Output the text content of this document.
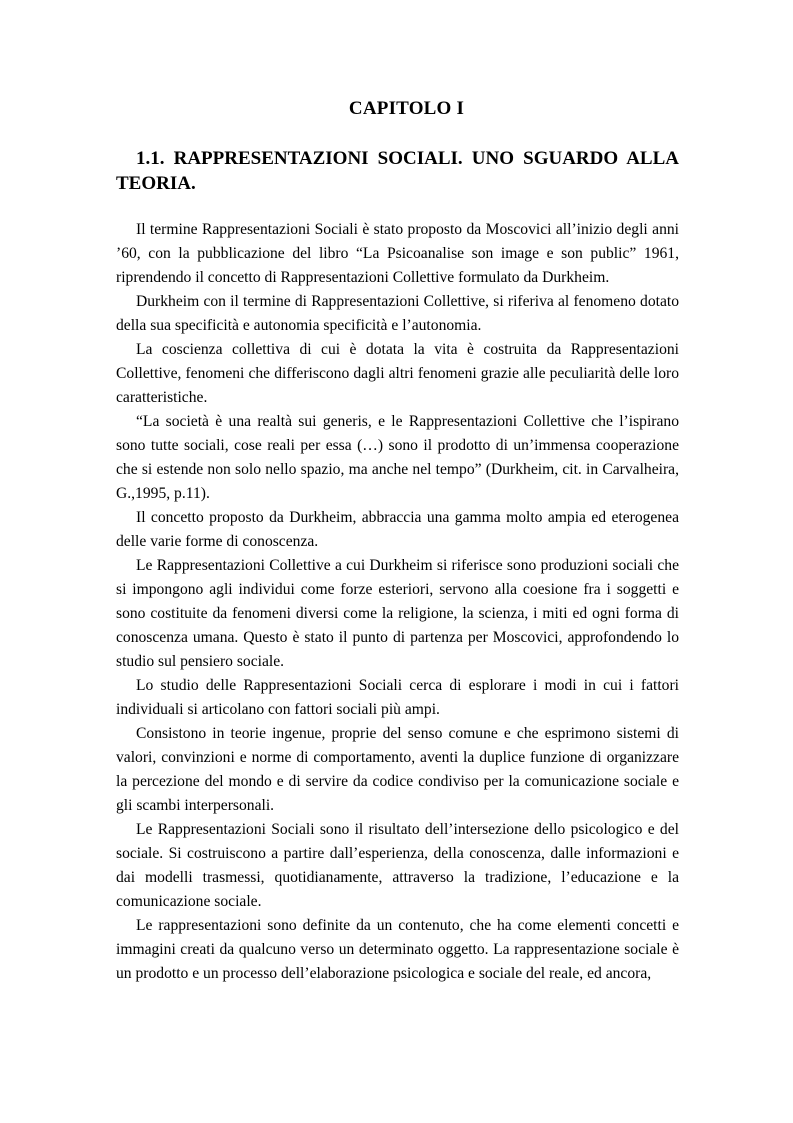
CAPITOLO I
1.1. RAPPRESENTAZIONI SOCIALI. UNO SGUARDO ALLA
TEORIA.

Il termine Rappresentazioni Sociali è stato proposto da Moscovici all’inizio degli anni ’60, con la pubblicazione del libro “La Psicoanalise son image e son public” 1961, riprendendo il concetto di Rappresentazioni Collettive formulato da Durkheim.

Durkheim con il termine di Rappresentazioni Collettive, si riferiva al fenomeno dotato della sua specificità e autonomia specificità e l’autonomia.

La coscienza collettiva di cui è dotata la vita è costruita da Rappresentazioni Collettive, fenomeni che differiscono dagli altri fenomeni grazie alle peculiarità delle loro caratteristiche.

“La società è una realtà sui generis, e le Rappresentazioni Collettive che l’ispirano sono tutte sociali, cose reali per essa (…) sono il prodotto di un’immensa cooperazione che si estende non solo nello spazio, ma anche nel tempo” (Durkheim, cit. in Carvalheira, G.,1995, p.11).

Il concetto proposto da Durkheim, abbraccia una gamma molto ampia ed eterogenea delle varie forme di conoscenza.

Le Rappresentazioni Collettive a cui Durkheim si riferisce sono produzioni sociali che si impongono agli individui come forze esteriori, servono alla coesione fra i soggetti e sono costituite da fenomeni diversi come la religione, la scienza, i miti ed ogni forma di conoscenza umana. Questo è stato il punto di partenza per Moscovici, approfondendo lo studio sul pensiero sociale.

Lo studio delle Rappresentazioni Sociali cerca di esplorare i modi in cui i fattori individuali si articolano con fattori sociali più ampi.

Consistono in teorie ingenue, proprie del senso comune e che esprimono sistemi di valori, convinzioni e norme di comportamento, aventi la duplice funzione di organizzare la percezione del mondo e di servire da codice condiviso per la comunicazione sociale e gli scambi interpersonali.

Le Rappresentazioni Sociali sono il risultato dell’intersezione dello psicologico e del sociale. Si costruiscono a partire dall’esperienza, della conoscenza, dalle informazioni e dai modelli trasmessi, quotidianamente, attraverso la tradizione, l’educazione e la comunicazione sociale.

Le rappresentazioni sono definite da un contenuto, che ha come elementi concetti e immagini creati da qualcuno verso un determinato oggetto. La rappresentazione sociale è un prodotto e un processo dell’elaborazione psicologica e sociale del reale, ed ancora,
